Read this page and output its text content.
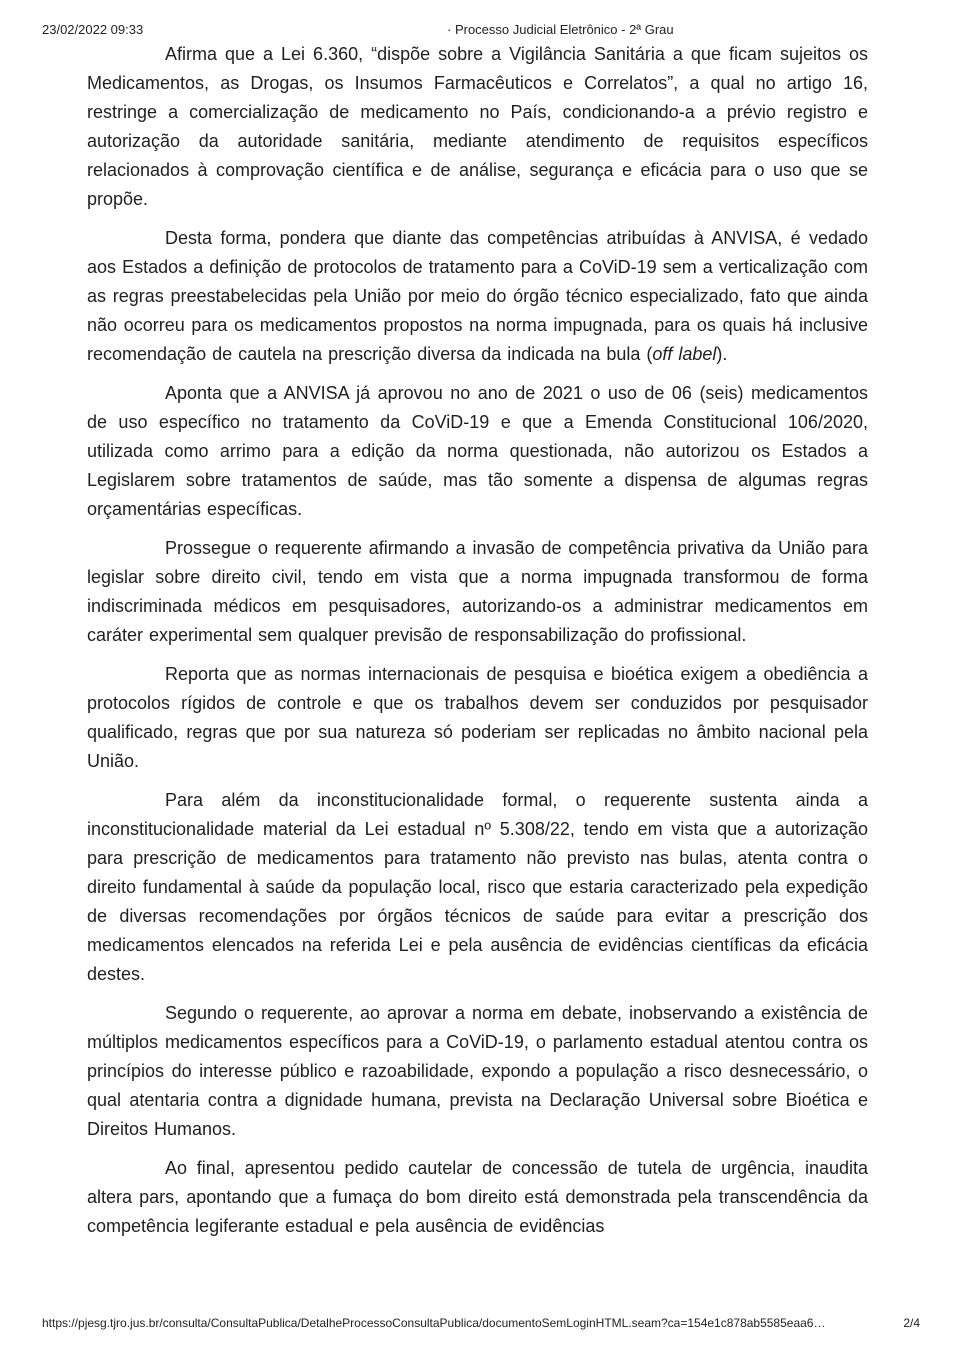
23/02/2022 09:33	· Processo Judicial Eletrônico - 2ª Grau

Afirma que a Lei 6.360, “dispõe sobre a Vigilância Sanitária a que ficam sujeitos os Medicamentos, as Drogas, os Insumos Farmacêuticos e Correlatos”, a qual no artigo 16, restringe a comercialização de medicamento no País, condicionando-a a prévio registro e autorização da autoridade sanitária, mediante atendimento de requisitos específicos relacionados à comprovação científica e de análise, segurança e eficácia para o uso que se propõe.

Desta forma, pondera que diante das competências atribuídas à ANVISA, é vedado aos Estados a definição de protocolos de tratamento para a CoViD-19 sem a verticalização com as regras preestabelecidas pela União por meio do órgão técnico especializado, fato que ainda não ocorreu para os medicamentos propostos na norma impugnada, para os quais há inclusive recomendação de cautela na prescrição diversa da indicada na bula (off label).

Aponta que a ANVISA já aprovou no ano de 2021 o uso de 06 (seis) medicamentos de uso específico no tratamento da CoViD-19 e que a Emenda Constitucional 106/2020, utilizada como arrimo para a edição da norma questionada, não autorizou os Estados a Legislarem sobre tratamentos de saúde, mas tão somente a dispensa de algumas regras orçamentárias específicas.

Prossegue o requerente afirmando a invasão de competência privativa da União para legislar sobre direito civil, tendo em vista que a norma impugnada transformou de forma indiscriminada médicos em pesquisadores, autorizando-os a administrar medicamentos em caráter experimental sem qualquer previsão de responsabilização do profissional.

Reporta que as normas internacionais de pesquisa e bioética exigem a obediência a protocolos rígidos de controle e que os trabalhos devem ser conduzidos por pesquisador qualificado, regras que por sua natureza só poderiam ser replicadas no âmbito nacional pela União.

Para além da inconstitucionalidade formal, o requerente sustenta ainda a inconstitucionalidade material da Lei estadual nº 5.308/22, tendo em vista que a autorização para prescrição de medicamentos para tratamento não previsto nas bulas, atenta contra o direito fundamental à saúde da população local, risco que estaria caracterizado pela expedição de diversas recomendações por órgãos técnicos de saúde para evitar a prescrição dos medicamentos elencados na referida Lei e pela ausência de evidências científicas da eficácia destes.

Segundo o requerente, ao aprovar a norma em debate, inobservando a existência de múltiplos medicamentos específicos para a CoViD-19, o parlamento estadual atentou contra os princípios do interesse público e razoabilidade, expondo a população a risco desnecessário, o qual atentaria contra a dignidade humana, prevista na Declaração Universal sobre Bioética e Direitos Humanos.

Ao final, apresentou pedido cautelar de concessão de tutela de urgência, inaudita altera pars, apontando que a fumaça do bom direito está demonstrada pela transcendência da competência legiferante estadual e pela ausência de evidências

https://pjesg.tjro.jus.br/consulta/ConsultaPublica/DetalheProcessoConsultaPublica/documentoSemLoginHTML.seam?ca=154e1c878ab5585eaa6…	2/4
